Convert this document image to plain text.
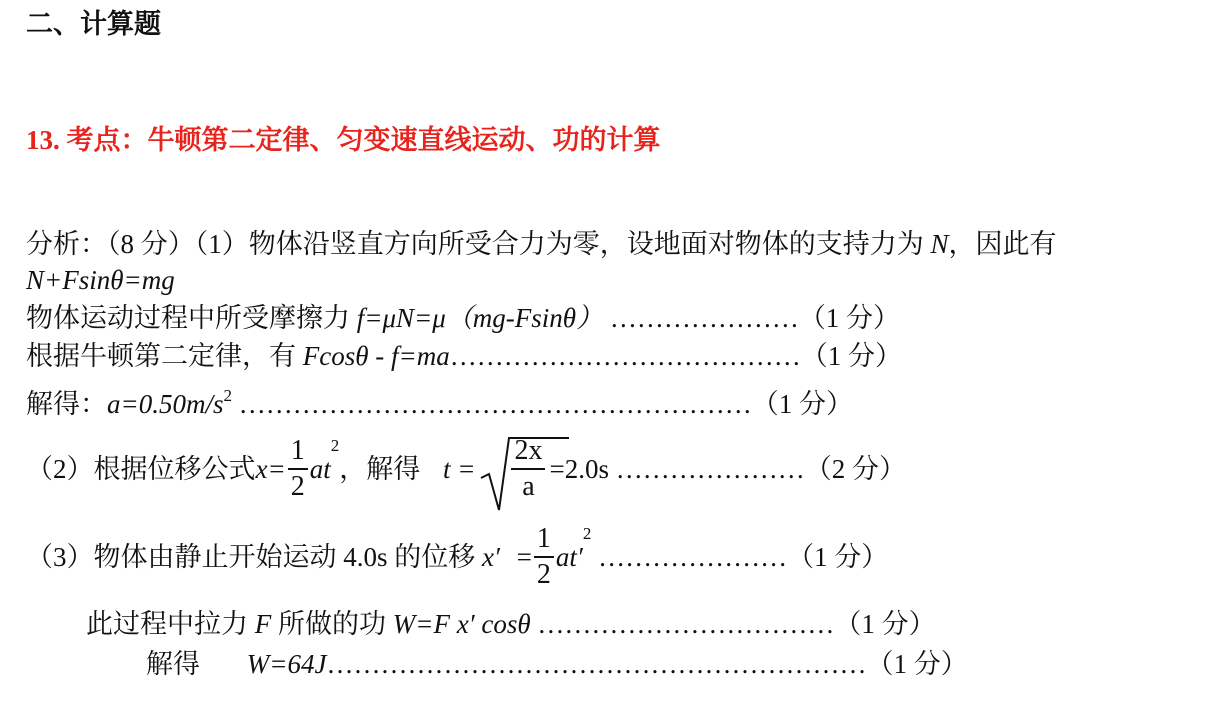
二、计算题
13. 考点：牛顿第二定律、匀变速直线运动、功的计算
分析：（8 分）（1）物体沿竖直方向所受合力为零，设地面对物体的支持力为 N，因此有
N+Fsinθ=mg
物体运动过程中所受摩擦力 f=μN=μ（mg-Fsinθ） …………………（1 分）
根据牛顿第二定律，有 Fcosθ - f=ma…………………………………（1 分）
解得：$a=0.50m/s^2$ …………………………………………………（1 分）
（2）根据位移公式$x= \frac{1}{2} at^2$，解得 $t = \frac{2x}{a} =2.0s$ …………………（2 分）
（3）物体由静止开始运动 4.0s 的位移 $x' = \frac{1}{2} at'^2$ …………………（1 分）
此过程中拉力 F 所做的功 W=F x′ cosθ ……………………………（1 分）
解得 W=64J……………………………………………………（1 分）
